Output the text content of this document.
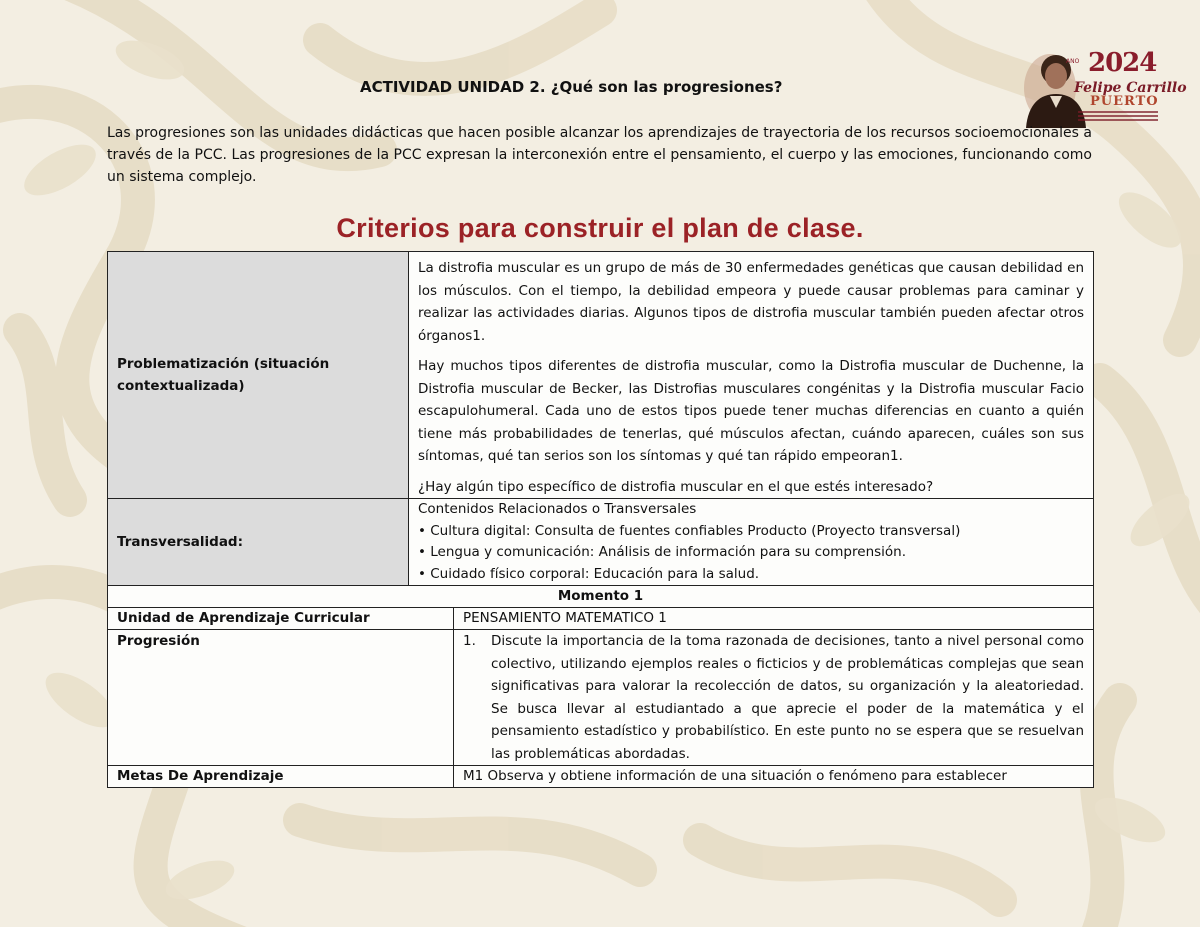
ANO 2024
Felipe Carrillo
PUERTO
ACTIVIDAD UNIDAD 2. ¿Qué son las progresiones?
Las progresiones son las unidades didácticas que hacen posible alcanzar los aprendizajes de trayectoria de los recursos socioemocionales a través de la PCC. Las progresiones de la PCC expresan la interconexión entre el pensamiento, el cuerpo y las emociones, funcionando como un sistema complejo.
Criterios para construir el plan de clase.
Problematización (situación contextualizada)	La distrofia muscular es un grupo de más de 30 enfermedades genéticas que causan debilidad en los músculos. Con el tiempo, la debilidad empeora y puede causar problemas para caminar y realizar las actividades diarias. Algunos tipos de distrofia muscular también pueden afectar otros órganos1.

Hay muchos tipos diferentes de distrofia muscular, como la Distrofia muscular de Duchenne, la Distrofia muscular de Becker, las Distrofias musculares congénitas y la Distrofia muscular Facio escapulohumeral. Cada uno de estos tipos puede tener muchas diferencias en cuanto a quién tiene más probabilidades de tenerlas, qué músculos afectan, cuándo aparecen, cuáles son sus síntomas, qué tan serios son los síntomas y qué tan rápido empeoran1.

¿Hay algún tipo específico de distrofia muscular en el que estés interesado?	

Transversalidad:	Contenidos Relacionados o Transversales

• Cultura digital: Consulta de fuentes confiables Producto (Proyecto transversal)

• Lengua y comunicación: Análisis de información para su comprensión.

• Cuidado físico corporal: Educación para la salud.	

Momento 1		
Unidad de Aprendizaje Curricular		PENSAMIENTO MATEMATICO 1
Progresión		1. Discute la importancia de la toma razonada de decisiones, tanto a nivel personal como colectivo, utilizando ejemplos reales o ficticios y de problemáticas complejas que sean significativas para valorar la recolección de datos, su organización y la aleatoriedad. Se busca llevar al estudiantado a que aprecie el poder de la matemática y el pensamiento estadístico y probabilístico. En este punto no se espera que se resuelvan las problemáticas abordadas.

Metas De Aprendizaje		M1 Observa y obtiene información de una situación o fenómeno para establecer
